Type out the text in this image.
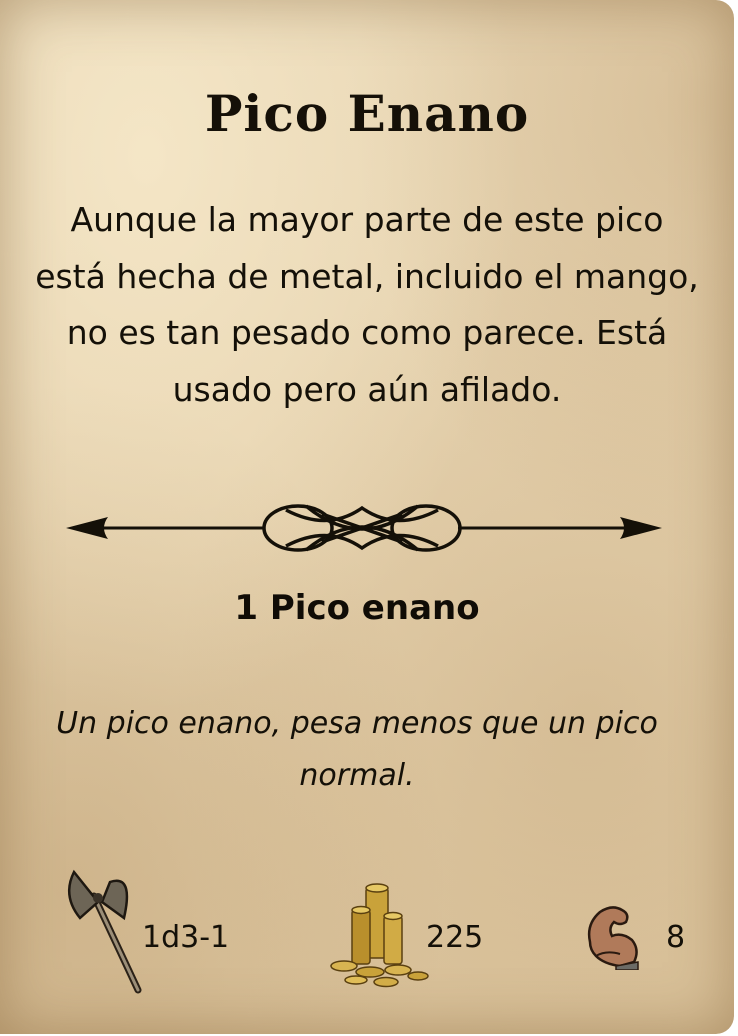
Pico Enano
Aunque la mayor parte de este pico está hecha de metal, incluido el mango, no es tan pesado como parece. Está usado pero aún afilado.
1 Pico enano
Un pico enano, pesa menos que un pico normal.
1d3-1	225	8
